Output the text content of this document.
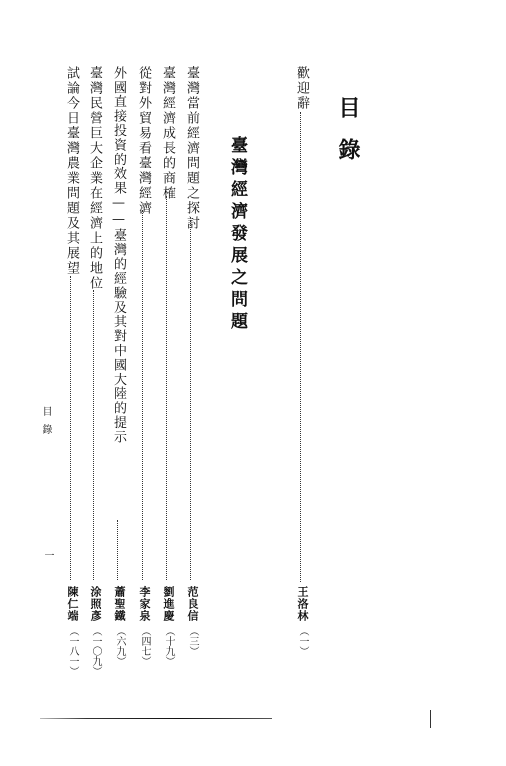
目錄
歡迎辭
王洛林
（一）
臺灣經濟發展之問題
臺灣當前經濟問題之探討
范良信
（三）
臺灣經濟成長的商榷
劉進慶
（十九）
從對外貿易看臺灣經濟
李家泉
（四七）
外國直接投資的效果——臺灣的經驗及其對中國大陸的提示
蕭聖鐵
（六九）
臺灣民營巨大企業在經濟上的地位
涂照彥
（一〇九）
試論今日臺灣農業問題及其展望
陳仁端
（一八一）
目錄
一
